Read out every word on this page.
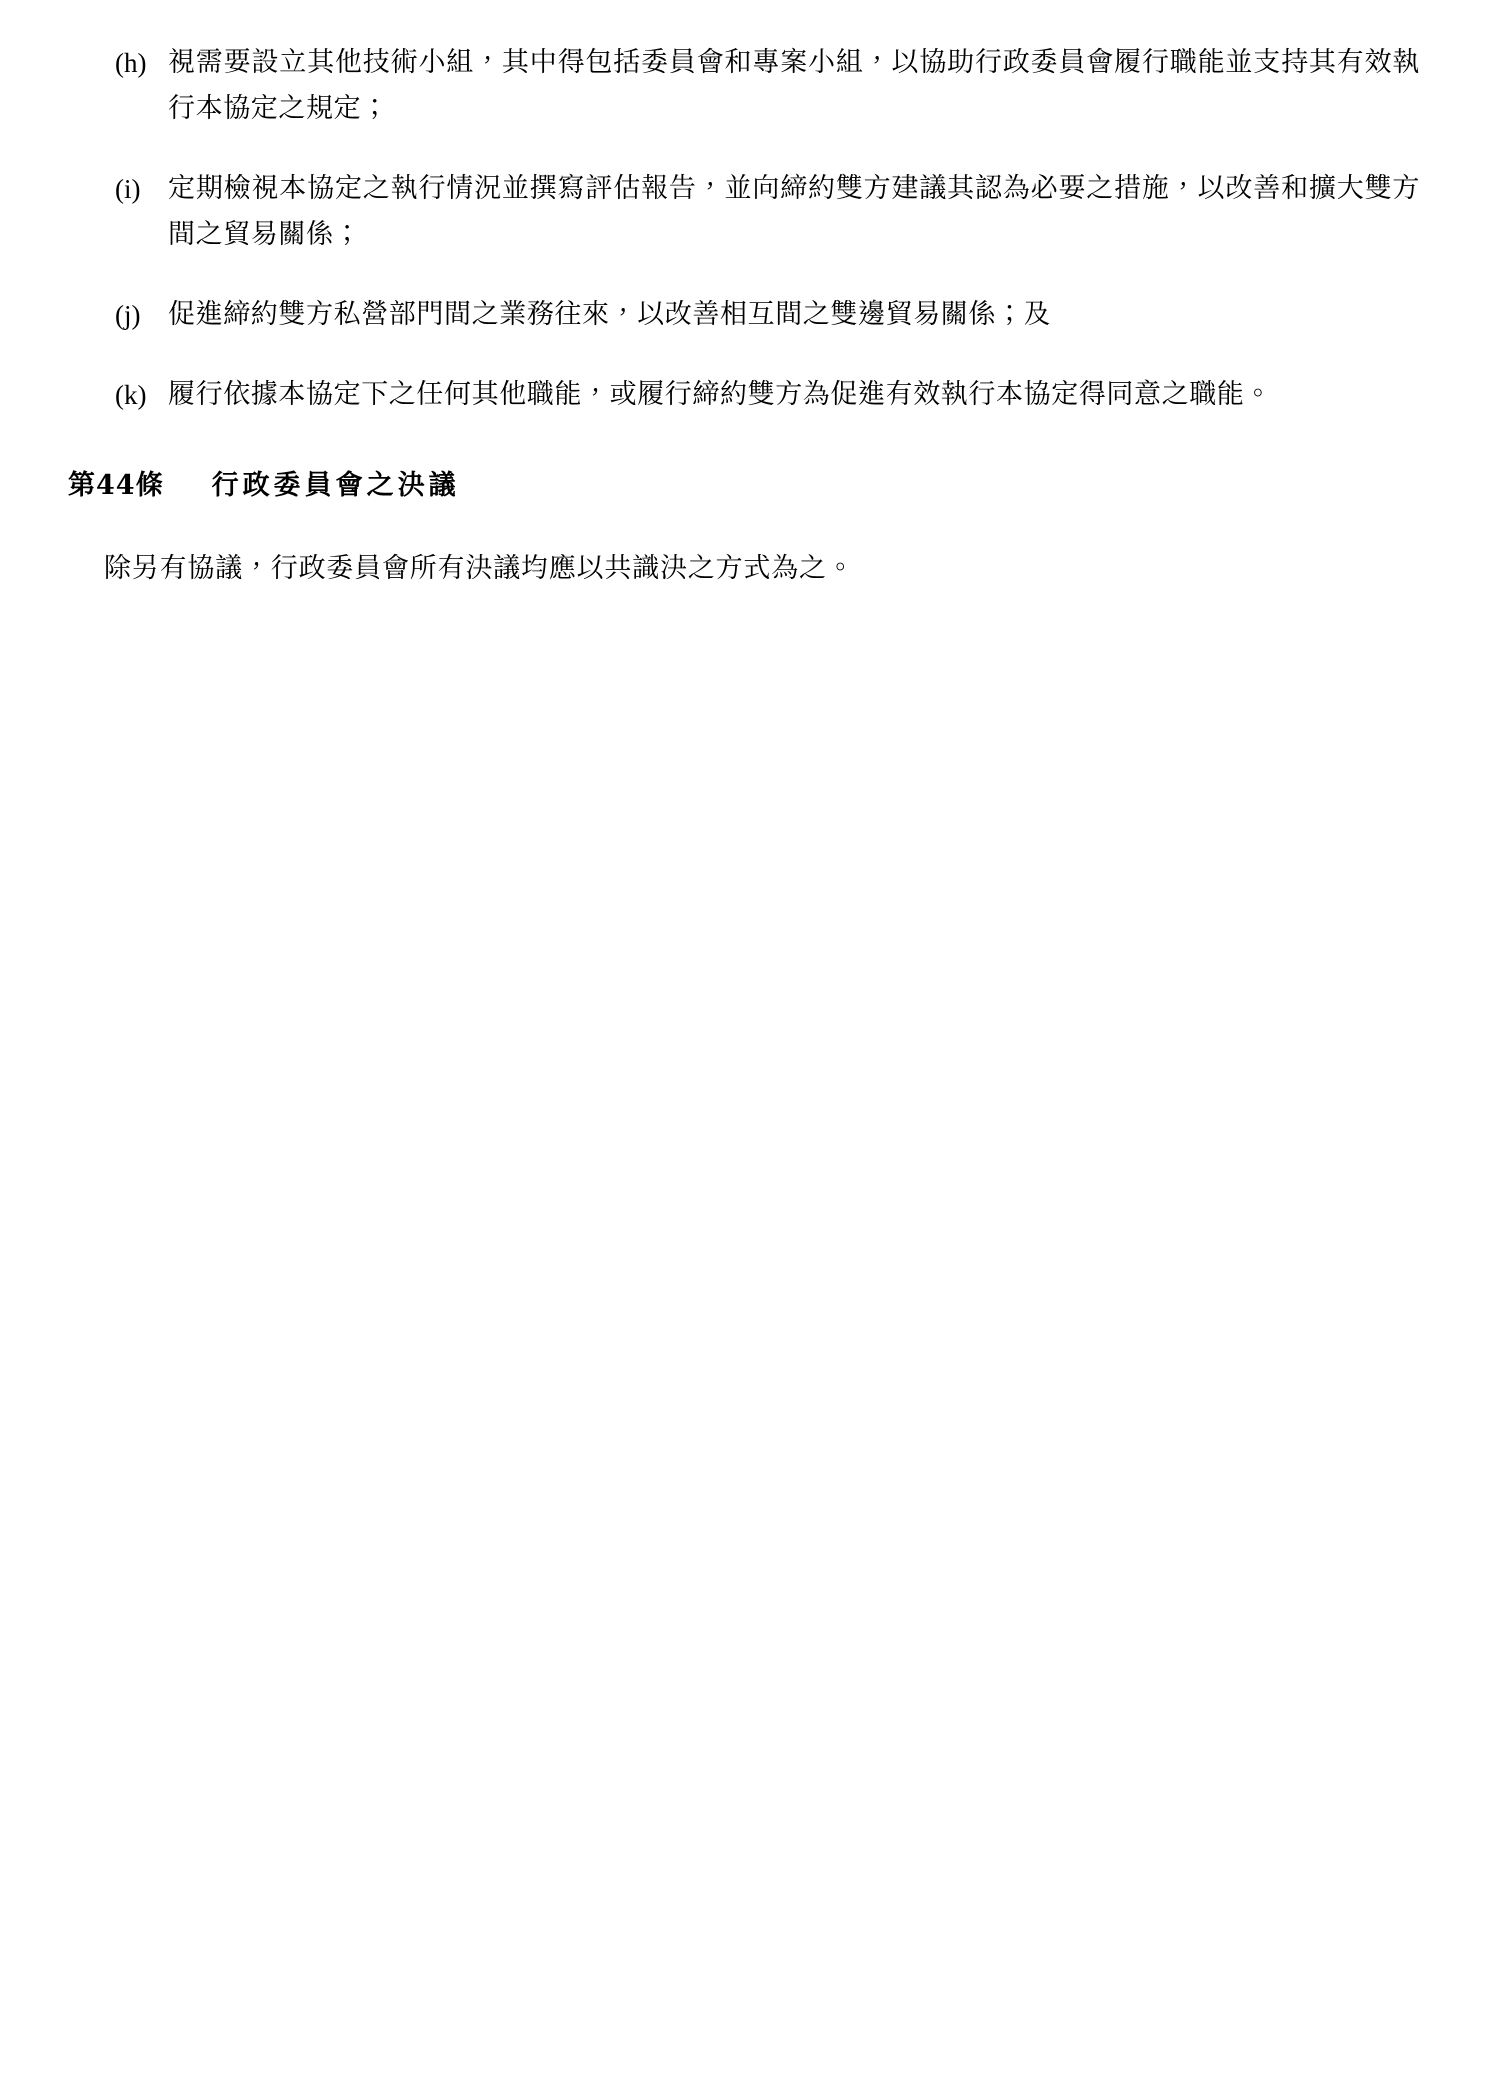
(h) 視需要設立其他技術小組，其中得包括委員會和專案小組，以協助行政委員會履行職能並支持其有效執行本協定之規定；
(i)	定期檢視本協定之執行情況並撰寫評估報告，並向締約雙方建議其認為必要之措施，以改善和擴大雙方間之貿易關係；
(j)	促進締約雙方私營部門間之業務往來，以改善相互間之雙邊貿易關係；及
(k) 履行依據本協定下之任何其他職能，或履行締約雙方為促進有效執行本協定得同意之職能。
第44條 行政委員會之決議
除另有協議，行政委員會所有決議均應以共識決之方式為之。
